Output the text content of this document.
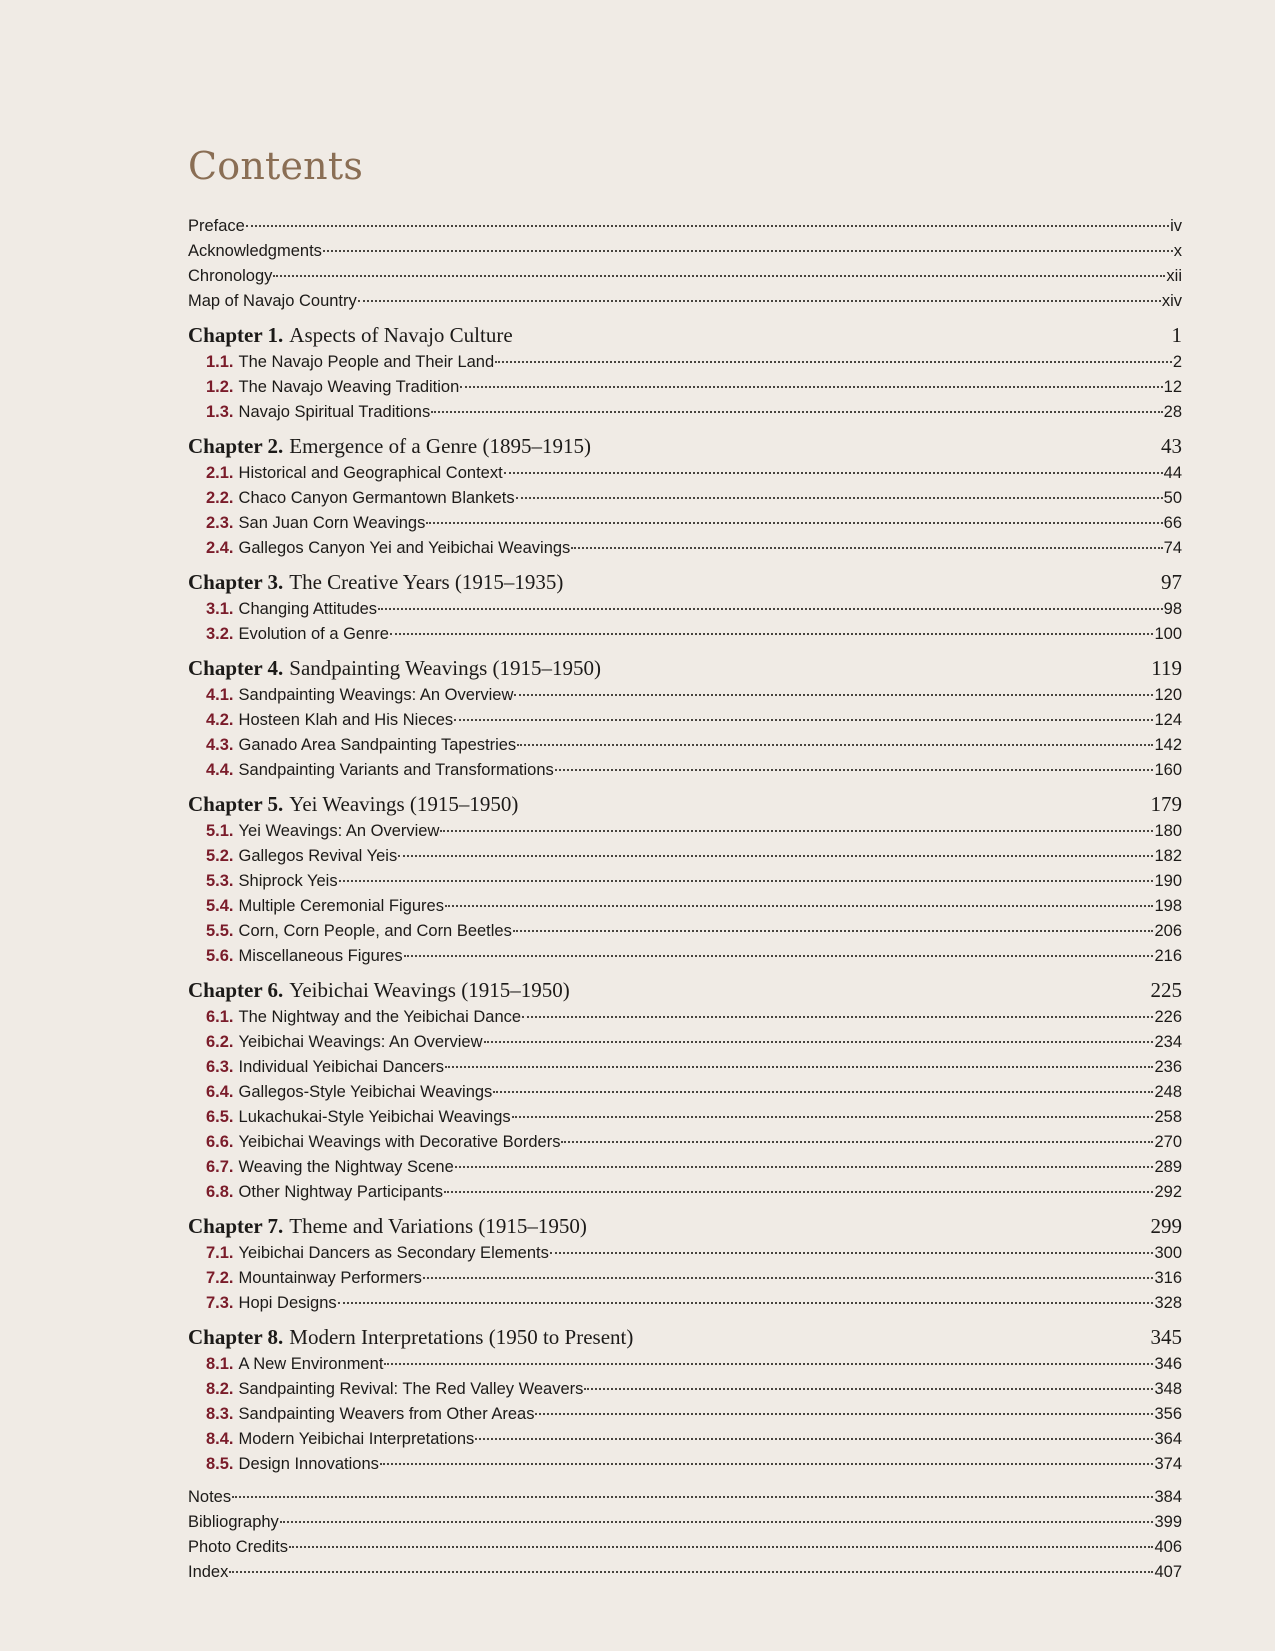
Contents
Preface	iv
Acknowledgments	x
Chronology	xii
Map of Navajo Country	xiv
Chapter 1. Aspects of Navajo Culture	1
1.1. The Navajo People and Their Land	2
1.2. The Navajo Weaving Tradition	12
1.3. Navajo Spiritual Traditions	28
Chapter 2. Emergence of a Genre (1895–1915)	43
2.1. Historical and Geographical Context	44
2.2. Chaco Canyon Germantown Blankets	50
2.3. San Juan Corn Weavings	66
2.4. Gallegos Canyon Yei and Yeibichai Weavings	74
Chapter 3. The Creative Years (1915–1935)	97
3.1. Changing Attitudes	98
3.2. Evolution of a Genre	100
Chapter 4. Sandpainting Weavings (1915–1950)	119
4.1. Sandpainting Weavings: An Overview	120
4.2. Hosteen Klah and His Nieces	124
4.3. Ganado Area Sandpainting Tapestries	142
4.4. Sandpainting Variants and Transformations	160
Chapter 5. Yei Weavings (1915–1950)	179
5.1. Yei Weavings: An Overview	180
5.2. Gallegos Revival Yeis	182
5.3. Shiprock Yeis	190
5.4. Multiple Ceremonial Figures	198
5.5. Corn, Corn People, and Corn Beetles	206
5.6. Miscellaneous Figures	216
Chapter 6. Yeibichai Weavings (1915–1950)	225
6.1. The Nightway and the Yeibichai Dance	226
6.2. Yeibichai Weavings: An Overview	234
6.3. Individual Yeibichai Dancers	236
6.4. Gallegos-Style Yeibichai Weavings	248
6.5. Lukachukai-Style Yeibichai Weavings	258
6.6. Yeibichai Weavings with Decorative Borders	270
6.7. Weaving the Nightway Scene	289
6.8. Other Nightway Participants	292
Chapter 7. Theme and Variations (1915–1950)	299
7.1. Yeibichai Dancers as Secondary Elements	300
7.2. Mountainway Performers	316
7.3. Hopi Designs	328
Chapter 8. Modern Interpretations (1950 to Present)	345
8.1. A New Environment	346
8.2. Sandpainting Revival: The Red Valley Weavers	348
8.3. Sandpainting Weavers from Other Areas	356
8.4. Modern Yeibichai Interpretations	364
8.5. Design Innovations	374
Notes	384
Bibliography	399
Photo Credits	406
Index	407
